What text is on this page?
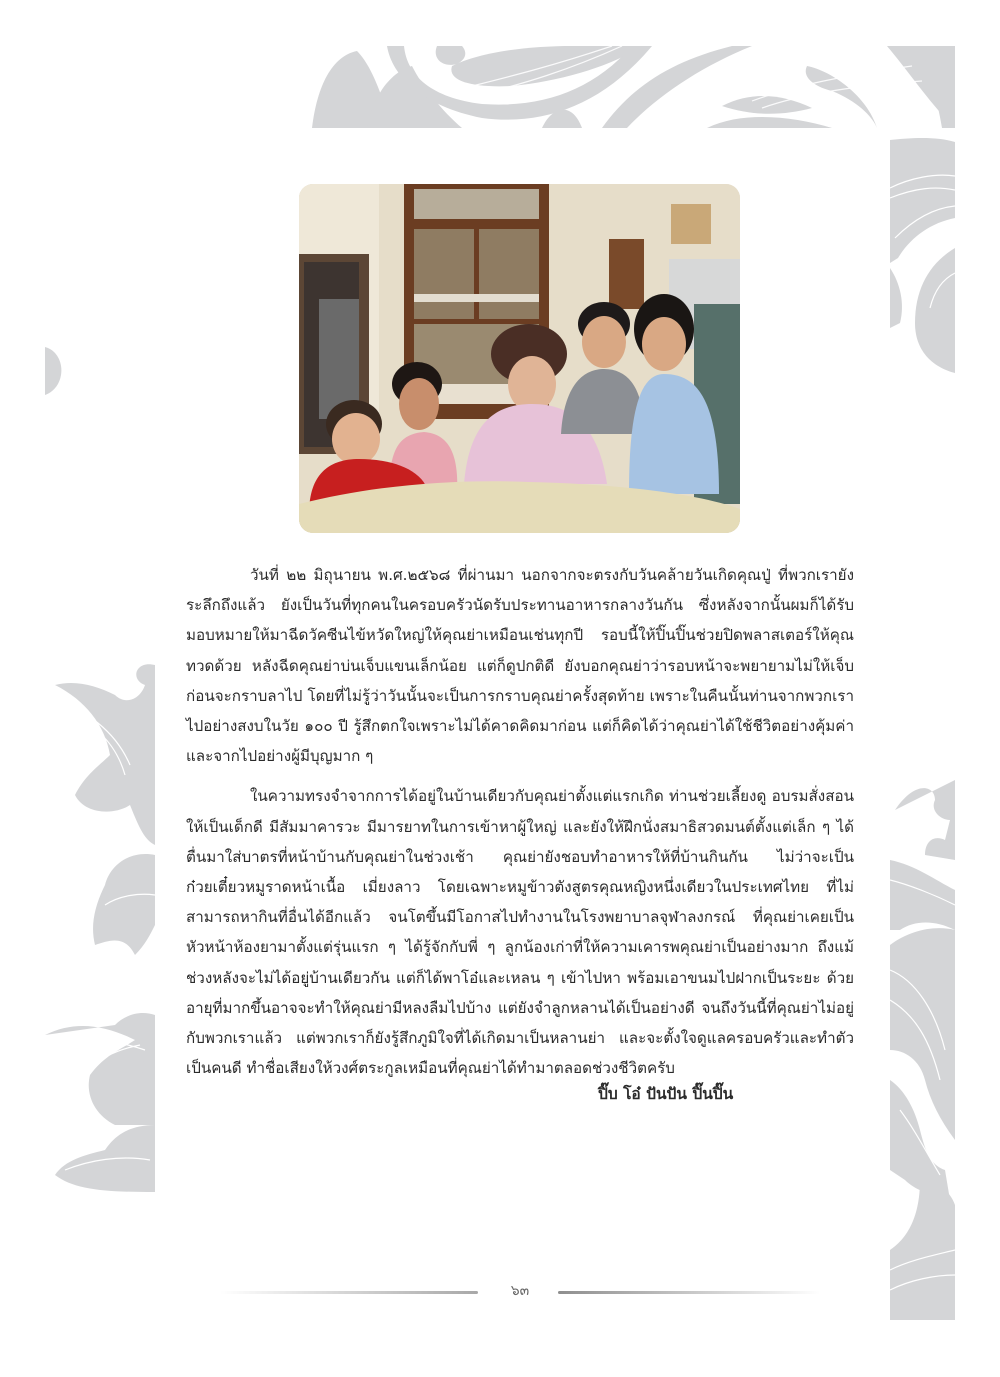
วันที่ ๒๒ มิถุนายน พ.ศ.๒๕๖๘ ที่ผ่านมา นอกจากจะตรงกับวันคล้ายวันเกิดคุณปู่ ที่พวกเรายังระลึกถึงแล้ว ยังเป็นวันที่ทุกคนในครอบครัวนัดรับประทานอาหารกลางวันกัน ซึ่งหลังจากนั้นผมก็ได้รับมอบหมายให้มาฉีดวัคซีนไข้หวัดใหญ่ให้คุณย่าเหมือนเช่นทุกปี รอบนี้ให้ปิ๊นปิ๊นช่วยปิดพลาสเตอร์ให้คุณทวดด้วย หลังฉีดคุณย่าบ่นเจ็บแขนเล็กน้อย แต่ก็ดูปกติดี ยังบอกคุณย่าว่ารอบหน้าจะพยายามไม่ให้เจ็บ ก่อนจะกราบลาไป โดยที่ไม่รู้ว่าวันนั้นจะเป็นการกราบคุณย่าครั้งสุดท้าย เพราะในคืนนั้นท่านจากพวกเราไปอย่างสงบในวัย ๑๐๐ ปี รู้สึกตกใจเพราะไม่ได้คาดคิดมาก่อน แต่ก็คิดได้ว่าคุณย่าได้ใช้ชีวิตอย่างคุ้มค่าและจากไปอย่างผู้มีบุญมาก ๆ

ในความทรงจำจากการได้อยู่ในบ้านเดียวกับคุณย่าตั้งแต่แรกเกิด ท่านช่วยเลี้ยงดู อบรมสั่งสอนให้เป็นเด็กดี มีสัมมาคารวะ มีมารยาทในการเข้าหาผู้ใหญ่ และยังให้ฝึกนั่งสมาธิสวดมนต์ตั้งแต่เล็ก ๆ ได้ตื่นมาใส่บาตรที่หน้าบ้านกับคุณย่าในช่วงเช้า คุณย่ายังชอบทำอาหารให้ที่บ้านกินกัน ไม่ว่าจะเป็นก๋วยเตี๋ยวหมูราดหน้าเนื้อ เมี่ยงลาว โดยเฉพาะหมูข้าวตังสูตรคุณหญิงหนึ่งเดียวในประเทศไทย ที่ไม่สามารถหากินที่อื่นได้อีกแล้ว จนโตขึ้นมีโอกาสไปทำงานในโรงพยาบาลจุฬาลงกรณ์ ที่คุณย่าเคยเป็นหัวหน้าห้องยามาตั้งแต่รุ่นแรก ๆ ได้รู้จักกับพี่ ๆ ลูกน้องเก่าที่ให้ความเคารพคุณย่าเป็นอย่างมาก ถึงแม้ช่วงหลังจะไม่ได้อยู่บ้านเดียวกัน แต่ก็ได้พาโอ๋และเหลน ๆ เข้าไปหา พร้อมเอาขนมไปฝากเป็นระยะ ด้วยอายุที่มากขึ้นอาจจะทำให้คุณย่ามีหลงลืมไปบ้าง แต่ยังจำลูกหลานได้เป็นอย่างดี จนถึงวันนี้ที่คุณย่าไม่อยู่กับพวกเราแล้ว แต่พวกเราก็ยังรู้สึกภูมิใจที่ได้เกิดมาเป็นหลานย่า และจะตั้งใจดูแลครอบครัวและทำตัวเป็นคนดี ทำชื่อเสียงให้วงศ์ตระกูลเหมือนที่คุณย่าได้ทำมาตลอดช่วงชีวิตครับ

ปิ๊บ โอ๋ ปันปัน ปิ๊นปิ๊น
๖๓
